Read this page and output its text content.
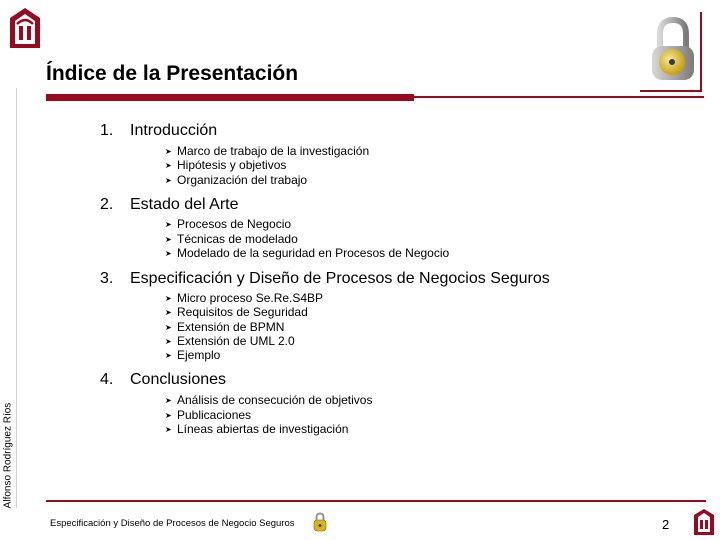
Índice de la Presentación
Alfonso Rodríguez Ríos
1. Introducción
➤ Marco de trabajo de la investigación
➤ Hipótesis y objetivos
➤ Organización del trabajo
2. Estado del Arte
➤ Procesos de Negocio
➤ Técnicas de modelado
➤ Modelado de la seguridad en Procesos de Negocio
3. Especificación y Diseño de Procesos de Negocios Seguros
➤ Micro proceso Se.Re.S4BP
➤ Requisitos de Seguridad
➤ Extensión de BPMN
➤ Extensión de UML 2.0
➤ Ejemplo
4. Conclusiones
➤ Análisis de consecución de objetivos
➤ Publicaciones
➤ Líneas abiertas de investigación
Especificación y Diseño de Procesos de Negocio Seguros	2
